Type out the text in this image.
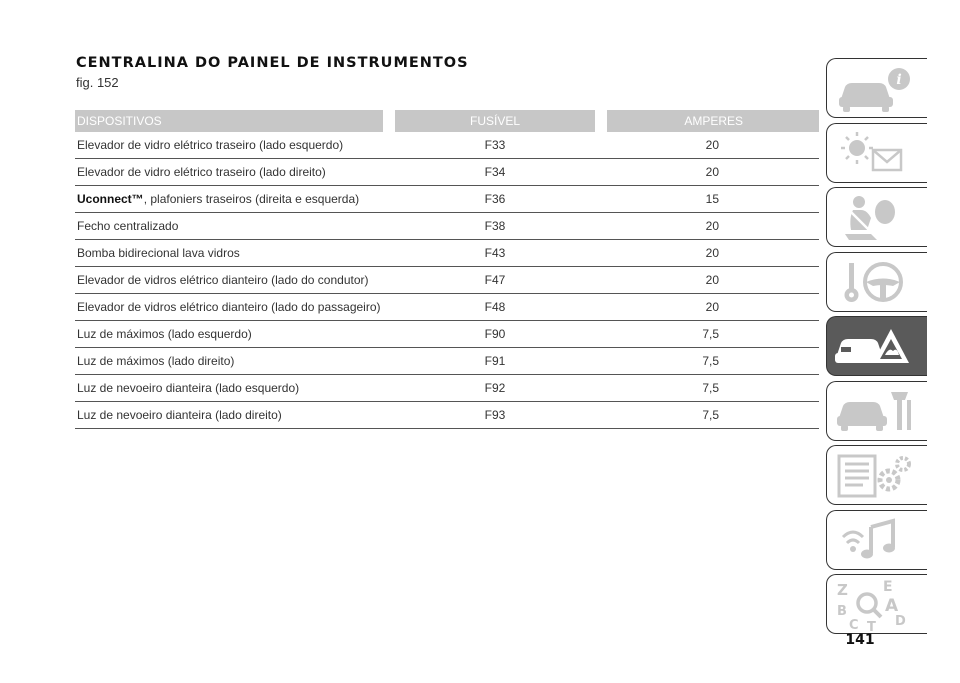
CENTRALINA DO PAINEL DE INSTRUMENTOS

fig. 152

DISPOSITIVOS		FUSÍVEL		AMPERES
Elevador de vidro elétrico traseiro (lado esquerdo)		F33		20
Elevador de vidro elétrico traseiro (lado direito)		F34		20
Uconnect™, plafoniers traseiros (direita e esquerda)		F36		15
Fecho centralizado		F38		20
Bomba bidirecional lava vidros		F43		20
Elevador de vidros elétrico dianteiro (lado do condutor)		F47		20
Elevador de vidros elétrico dianteiro (lado do passageiro)		F48		20
Luz de máximos (lado esquerdo)		F90		7,5
Luz de máximos (lado direito)		F91		7,5
Luz de nevoeiro dianteira (lado esquerdo)		F92		7,5
Luz de nevoeiro dianteira (lado direito)		F93		7,5
i
Z	E
B A
C	D
T
141
